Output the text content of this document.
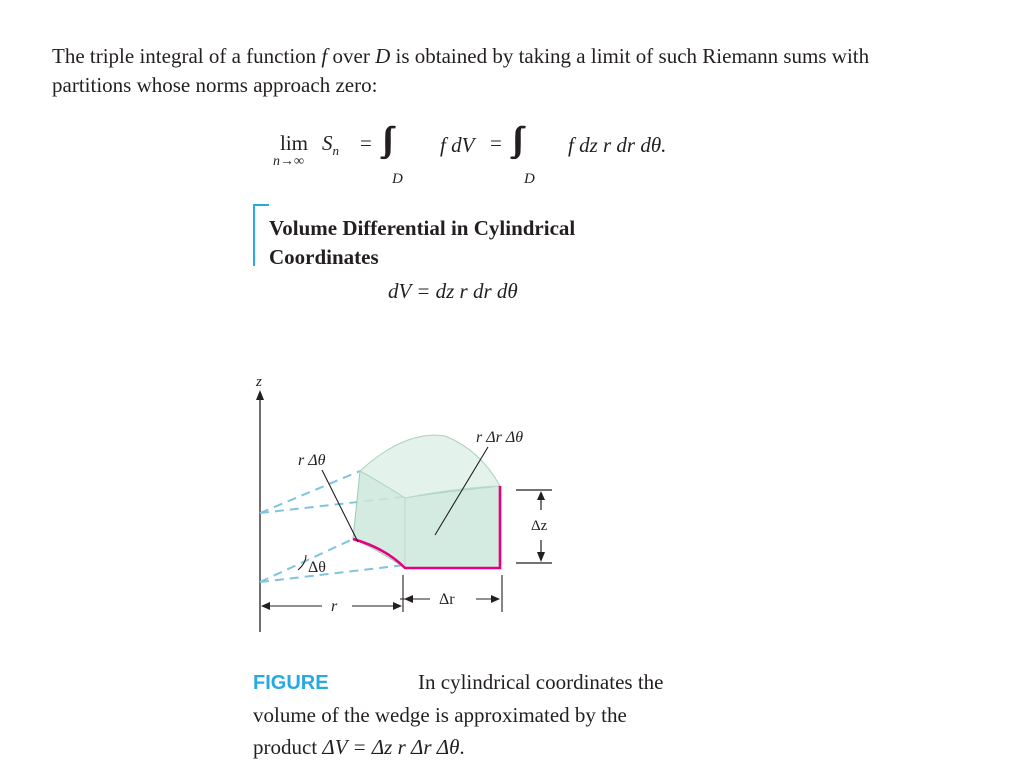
The triple integral of a function f over D is obtained by taking a limit of such Riemann sums with partitions whose norms approach zero:

lim
n→∞
$S_n$ = ∫∫∫
D
f dV = ∫∫∫
D
f dz r dr dθ.
Volume Differential in Cylindrical Coordinates
dV = dz r dr dθ
z
Δz
r Δθ
r Δr Δθ
Δθ
r	Δr
FIGURE	In cylindrical coordinates the volume of the wedge is approximated by the product ΔV = Δz r Δr Δθ.
